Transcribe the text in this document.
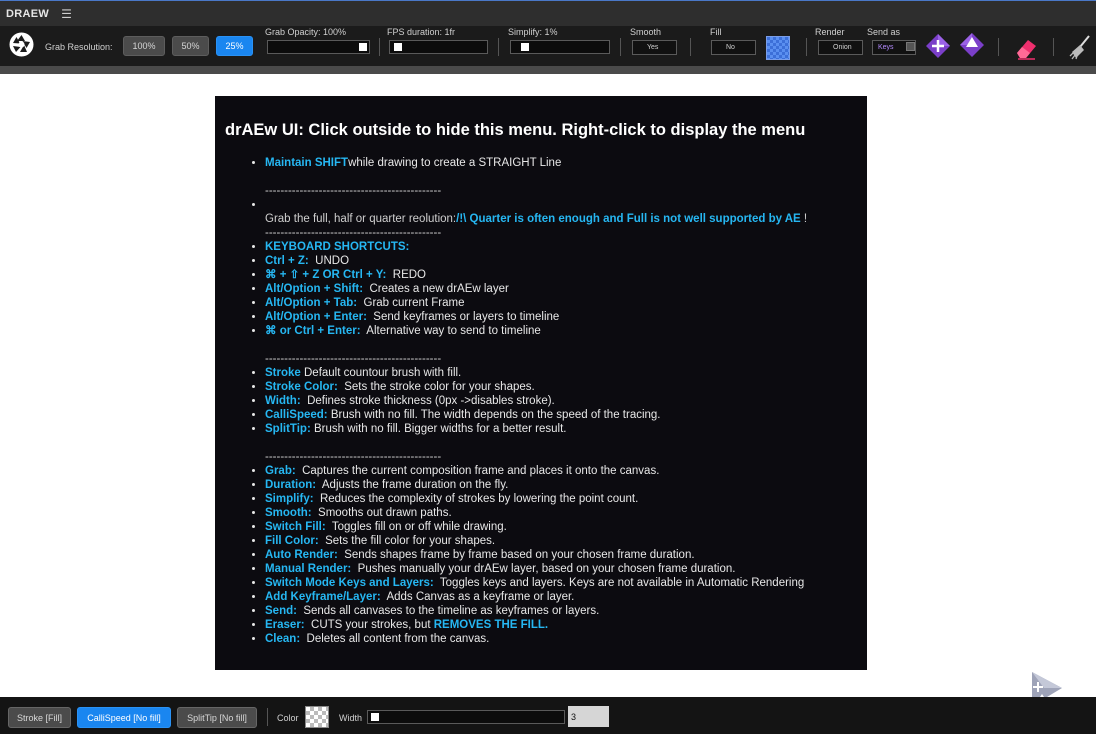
DRAEW ☰
Grab Resolution:	100%	50%	25%
Grab Opacity: 100%	FPS duration: 1fr	Simplify: 1%	Smooth
Yes
Fill
No
Render
Onion
Send as
Keys
drAEw UI: Click outside to hide this menu. Right-click to display the menu
• Maintain SHIFTwhile drawing to create a STRAIGHT Line
----------------------------------------------
•
Grab the full, half or quarter reolution:/!\ Quarter is often enough and Full is not well supported by AE !
----------------------------------------------
• KEYBOARD SHORTCUTS:
• Ctrl + Z: UNDO
• ⌘ + ⇧ + Z OR Ctrl + Y: REDO
• Alt/Option + Shift: Creates a new drAEw layer
• Alt/Option + Tab: Grab current Frame
• Alt/Option + Enter: Send keyframes or layers to timeline
• ⌘ or Ctrl + Enter: Alternative way to send to timeline
----------------------------------------------
• Stroke Default countour brush with fill.
• Stroke Color: Sets the stroke color for your shapes.
• Width: Defines stroke thickness (0px ->disables stroke).
• CalliSpeed: Brush with no fill. The width depends on the speed of the tracing.
• SplitTip: Brush with no fill. Bigger widths for a better result.
----------------------------------------------
• Grab: Captures the current composition frame and places it onto the canvas.
• Duration: Adjusts the frame duration on the fly.
• Simplify: Reduces the complexity of strokes by lowering the point count.
• Smooth: Smooths out drawn paths.
• Switch Fill: Toggles fill on or off while drawing.
• Fill Color: Sets the fill color for your shapes.
• Auto Render: Sends shapes frame by frame based on your chosen frame duration.
• Manual Render: Pushes manually your drAEw layer, based on your chosen frame duration.
• Switch Mode Keys and Layers: Toggles keys and layers. Keys are not available in Automatic Rendering
• Add Keyframe/Layer: Adds Canvas as a keyframe or layer.
• Send: Sends all canvases to the timeline as keyframes or layers.
• Eraser: CUTS your strokes, but REMOVES THE FILL.
• Clean: Deletes all content from the canvas.
Stroke [Fill]	CalliSpeed [No fill]	SplitTip [No fill]	Color	Width	3
